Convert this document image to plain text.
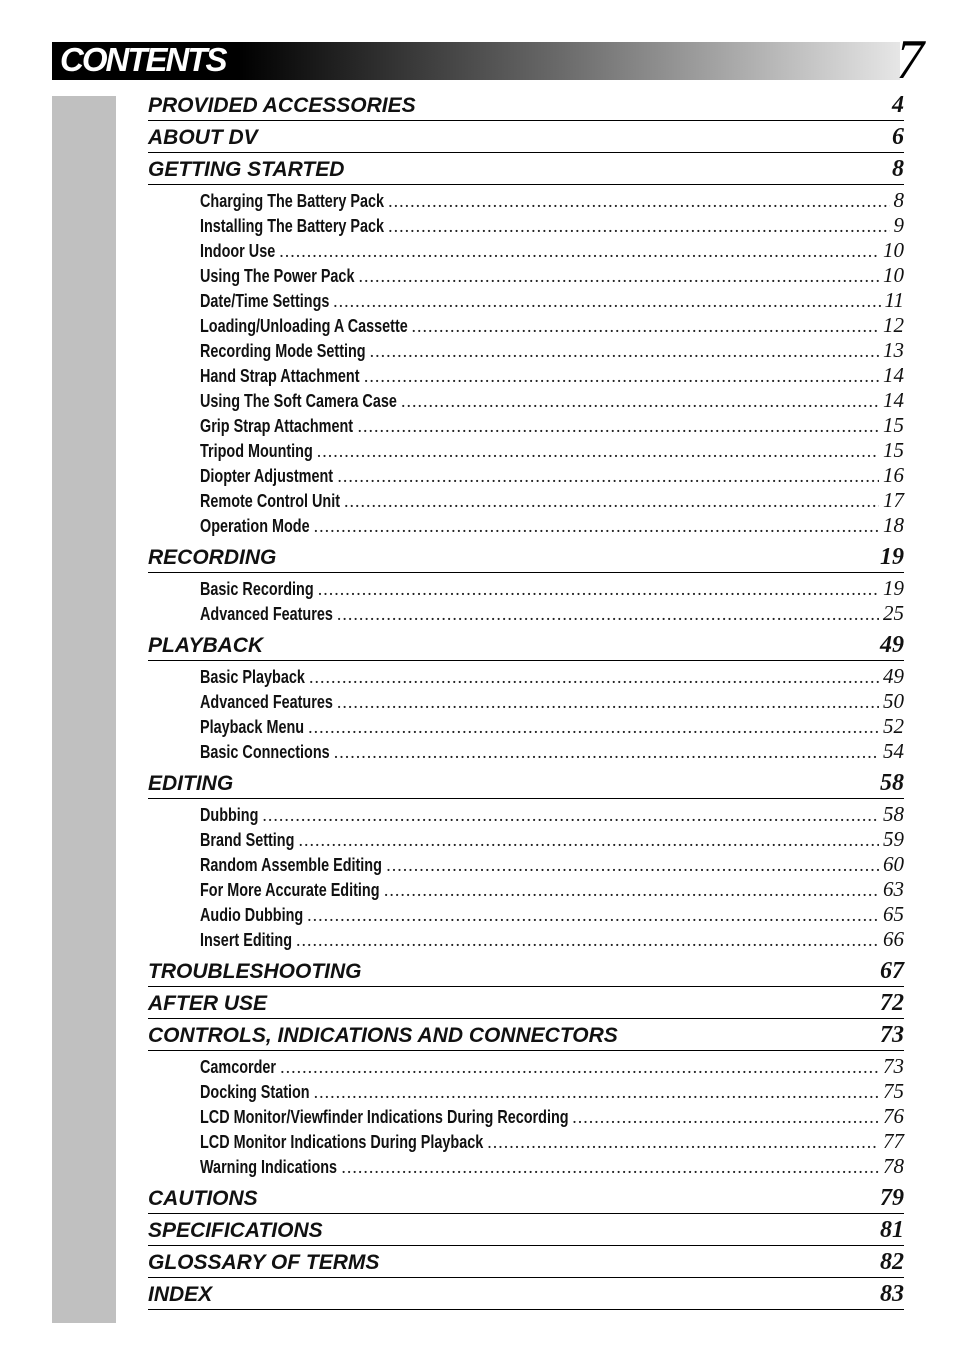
CONTENTS	7
PROVIDED ACCESSORIES	4
ABOUT DV	6
GETTING STARTED	8
Charging The Battery Pack .....	8
Installing The Battery Pack .....	9
Indoor Use .....	10
Using The Power Pack .....	10
Date/Time Settings .....	11
Loading/Unloading A Cassette .....	12
Recording Mode Setting .....	13
Hand Strap Attachment .....	14
Using The Soft Camera Case .....	14
Grip Strap Attachment .....	15
Tripod Mounting .....	15
Diopter Adjustment .....	16
Remote Control Unit .....	17
Operation Mode .....	18
RECORDING	19
Basic Recording .....	19
Advanced Features .....	25
PLAYBACK	49
Basic Playback .....	49
Advanced Features .....	50
Playback Menu .....	52
Basic Connections .....	54
EDITING	58
Dubbing .....	58
Brand Setting .....	59
Random Assemble Editing .....	60
For More Accurate Editing .....	63
Audio Dubbing .....	65
Insert Editing .....	66
TROUBLESHOOTING	67
AFTER USE	72
CONTROLS, INDICATIONS AND CONNECTORS	73
Camcorder .....	73
Docking Station .....	75
LCD Monitor/Viewfinder Indications During Recording .....	76
LCD Monitor Indications During Playback .....	77
Warning Indications .....	78
CAUTIONS	79
SPECIFICATIONS	81
GLOSSARY OF TERMS	82
INDEX	83
